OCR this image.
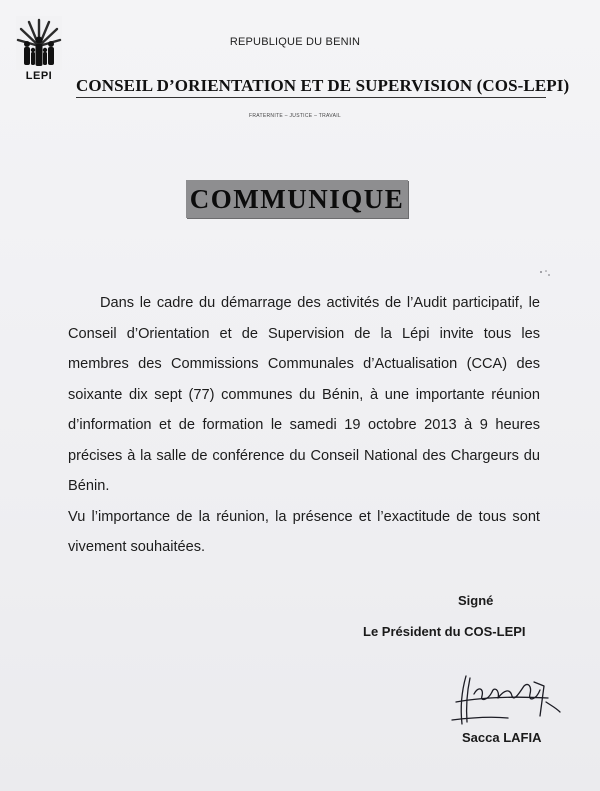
LEPI
REPUBLIQUE DU BENIN
CONSEIL D’ORIENTATION ET DE SUPERVISION (COS-LEPI)
FRATERNITE – JUSTICE – TRAVAIL
COMMUNIQUE

Dans le cadre du démarrage des activités de l’Audit participatif, le Conseil d’Orientation et de Supervision de la Lépi invite tous les membres des Commissions Communales d’Actualisation (CCA) des soixante dix sept (77) communes du Bénin, à une importante réunion d’information et de formation le samedi 19 octobre 2013 à 9 heures précises à la salle de conférence du Conseil National des Chargeurs du Bénin.

Vu l’importance de la réunion, la présence et l’exactitude de tous sont vivement souhaitées.

Signé
Le Président du COS-LEPI
Sacca LAFIA
